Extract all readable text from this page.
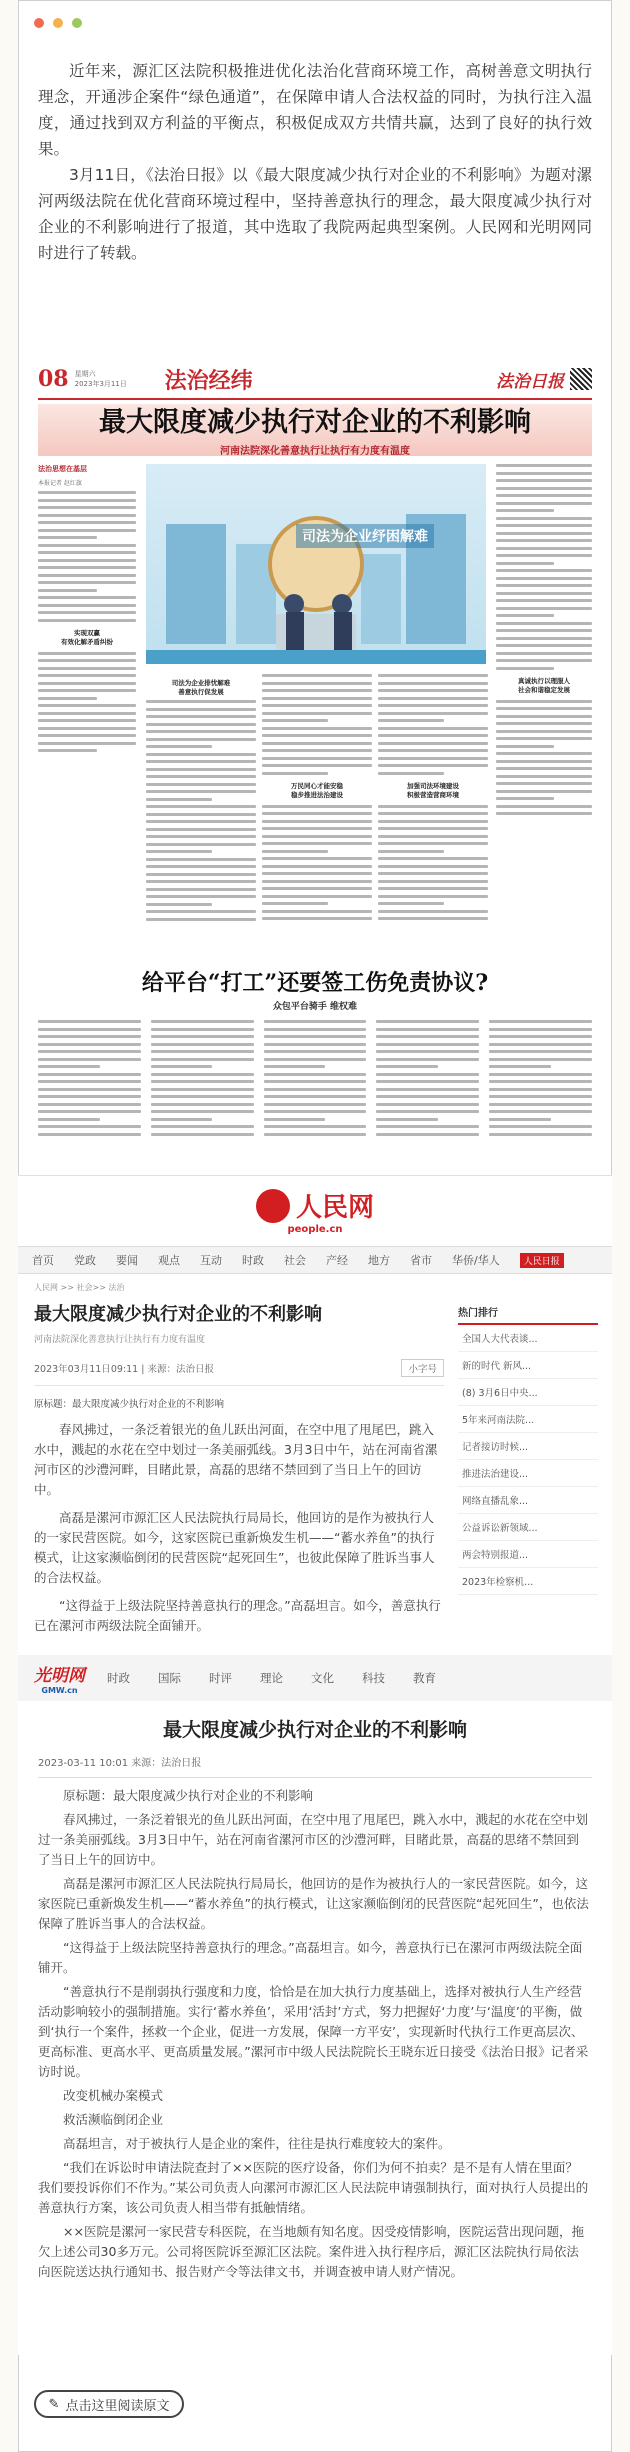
近年来，源汇区法院积极推进优化法治化营商环境工作，高树善意文明执行理念，开通涉企案件“绿色通道”，在保障申请人合法权益的同时，为执行注入温度，通过找到双方利益的平衡点，积极促成双方共情共赢，达到了良好的执行效果。

3月11日，《法治日报》以《最大限度减少执行对企业的不利影响》为题对漯河两级法院在优化营商环境过程中，坚持善意执行的理念，最大限度减少执行对企业的不利影响进行了报道，其中选取了我院两起典型案例。人民网和光明网同时进行了转载。

08 星期六
2023年3月11日	法治经纬	法治日报
最大限度减少执行对企业的不利影响
河南法院深化善意执行让执行有力度有温度
法治思想在基层
本报记者 赵红旗
实现双赢
有效化解矛盾纠纷
司法为企业纾困解难
真诚执行以理服人
社会和谐稳定发展
司法为企业排忧解难
善意执行促发展
万民同心才能安稳
稳步推进法治建设
加强司法环境建设
积极营造营商环境
给平台“打工”还要签工伤免责协议?
众包平台骑手 维权难
人民网
people.cn
首页 党政 要闻 观点 互动 时政 社会 产经 地方 省市 华侨/华人	人民日报
人民网 >> 社会>> 法治
最大限度减少执行对企业的不利影响
河南法院深化善意执行让执行有力度有温度
2023年03月11日09:11 | 来源：法治日报	小字号
原标题：最大限度减少执行对企业的不利影响

春风拂过，一条泛着银光的鱼儿跃出河面，在空中甩了甩尾巴，跳入水中，溅起的水花在空中划过一条美丽弧线。3月3日中午，站在河南省漯河市区的沙澧河畔，目睹此景，高磊的思绪不禁回到了当日上午的回访中。

高磊是漯河市源汇区人民法院执行局局长，他回访的是作为被执行人的一家民营医院。如今，这家医院已重新焕发生机——“蓄水养鱼”的执行模式，让这家濒临倒闭的民营医院“起死回生”，也彼此保障了胜诉当事人的合法权益。

“这得益于上级法院坚持善意执行的理念。”高磊坦言。如今，善意执行已在漯河市两级法院全面铺开。

热门排行
全国人大代表谈...
新的时代 新风...
(8) 3月6日中央...
5年来河南法院...
记者接访时候...
推进法治建设...
网络直播乱象...
公益诉讼新领域...
两会特别报道...
2023年检察机...
光明网
GMW.cn
时政 国际 时评 理论 文化 科技 教育
最大限度减少执行对企业的不利影响
2023-03-11 10:01 来源：法治日报

原标题：最大限度减少执行对企业的不利影响

春风拂过，一条泛着银光的鱼儿跃出河面，在空中甩了甩尾巴，跳入水中，溅起的水花在空中划过一条美丽弧线。3月3日中午，站在河南省漯河市区的沙澧河畔，目睹此景，高磊的思绪不禁回到了当日上午的回访中。

高磊是漯河市源汇区人民法院执行局局长，他回访的是作为被执行人的一家民营医院。如今，这家医院已重新焕发生机——“蓄水养鱼”的执行模式，让这家濒临倒闭的民营医院“起死回生”，也依法保障了胜诉当事人的合法权益。

“这得益于上级法院坚持善意执行的理念。”高磊坦言。如今，善意执行已在漯河市两级法院全面铺开。

“善意执行不是削弱执行强度和力度，恰恰是在加大执行力度基础上，选择对被执行人生产经营活动影响较小的强制措施。实行‘蓄水养鱼’，采用‘活封’方式，努力把握好‘力度’与‘温度’的平衡，做到‘执行一个案件，拯救一个企业，促进一方发展，保障一方平安’，实现新时代执行工作更高层次、更高标准、更高水平、更高质量发展。”漯河市中级人民法院院长王晓东近日接受《法治日报》记者采访时说。

改变机械办案模式

救活濒临倒闭企业

高磊坦言，对于被执行人是企业的案件，往往是执行难度较大的案件。

“我们在诉讼时申请法院查封了××医院的医疗设备，你们为何不拍卖？是不是有人情在里面？我们要投诉你们不作为。”某公司负责人向漯河市源汇区人民法院申请强制执行，面对执行人员提出的善意执行方案，该公司负责人相当带有抵触情绪。

××医院是漯河一家民营专科医院，在当地颇有知名度。因受疫情影响，医院运营出现问题，拖欠上述公司30多万元。公司将医院诉至源汇区法院。案件进入执行程序后，源汇区法院执行局依法向医院送达执行通知书、报告财产令等法律文书，并调查被申请人财产情况。

✎ 点击这里阅读原文
